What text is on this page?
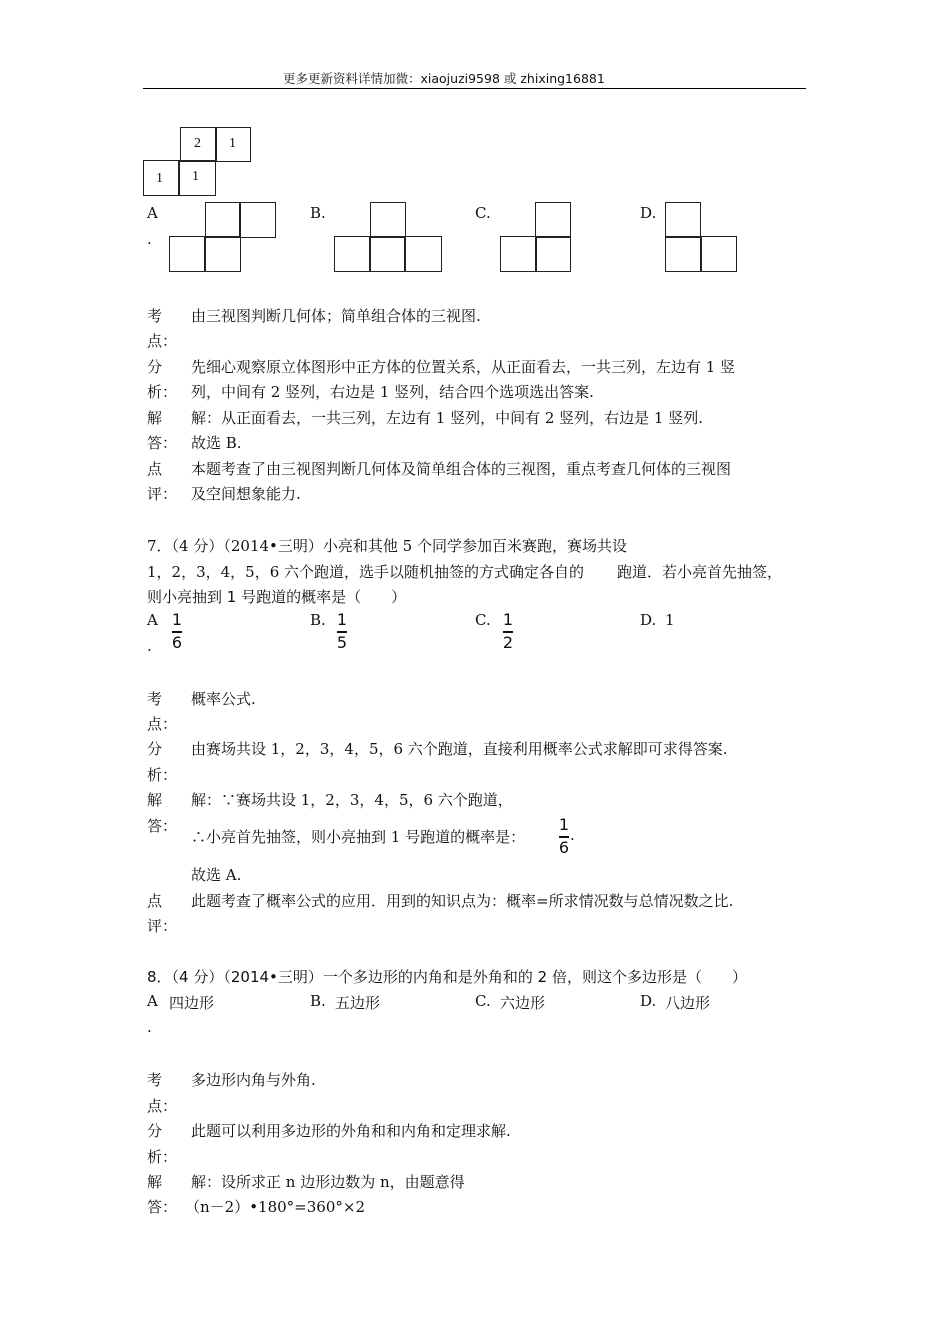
更多更新资料详情加微：xiaojuzi9598 或 zhixing16881
2 1
1 1
A
.
B.	C.	D.
考
点：
由三视图判断几何体；简单组合体的三视图.
分
析：
先细心观察原立体图形中正方体的位置关系，从正面看去，一共三列，左边有 1 竖
列，中间有 2 竖列，右边是 1 竖列，结合四个选项选出答案.
解
答：
解：从正面看去，一共三列，左边有 1 竖列，中间有 2 竖列，右边是 1 竖列.
故选 B.
点
评：
本题考查了由三视图判断几何体及简单组合体的三视图，重点考查几何体的三视图
及空间想象能力.
7．（4 分）（2014•三明）小亮和其他 5 个同学参加百米赛跑，赛场共设
1，2，3，4，5，6 六个跑道，选手以随机抽签的方式确定各自的 跑道．若小亮首先抽签，
则小亮抽到 1 号跑道的概率是（　　）
A
.
1
6
B. 1
5
C. 1
2
D. 1
考
点：
概率公式.
分
析：
由赛场共设 1，2，3，4，5，6 六个跑道，直接利用概率公式求解即可求得答案.
解
答：
解：∵赛场共设 1，2，3，4，5，6 六个跑道，
∴小亮首先抽签，则小亮抽到 1 号跑道的概率是：
1
6
.
故选 A.
点
评：
此题考查了概率公式的应用．用到的知识点为：概率=所求情况数与总情况数之比.
8．（4 分）（2014•三明）一个多边形的内角和是外角和的 2 倍，则这个多边形是（　　）
A
.
四边形	B. 五边形	C. 六边形	D. 八边形
考
点：
多边形内角与外角.
分
析：
此题可以利用多边形的外角和和内角和定理求解.
解
答：
解：设所求正 n 边形边数为 n，由题意得
（n－2）•180°=360°×2
